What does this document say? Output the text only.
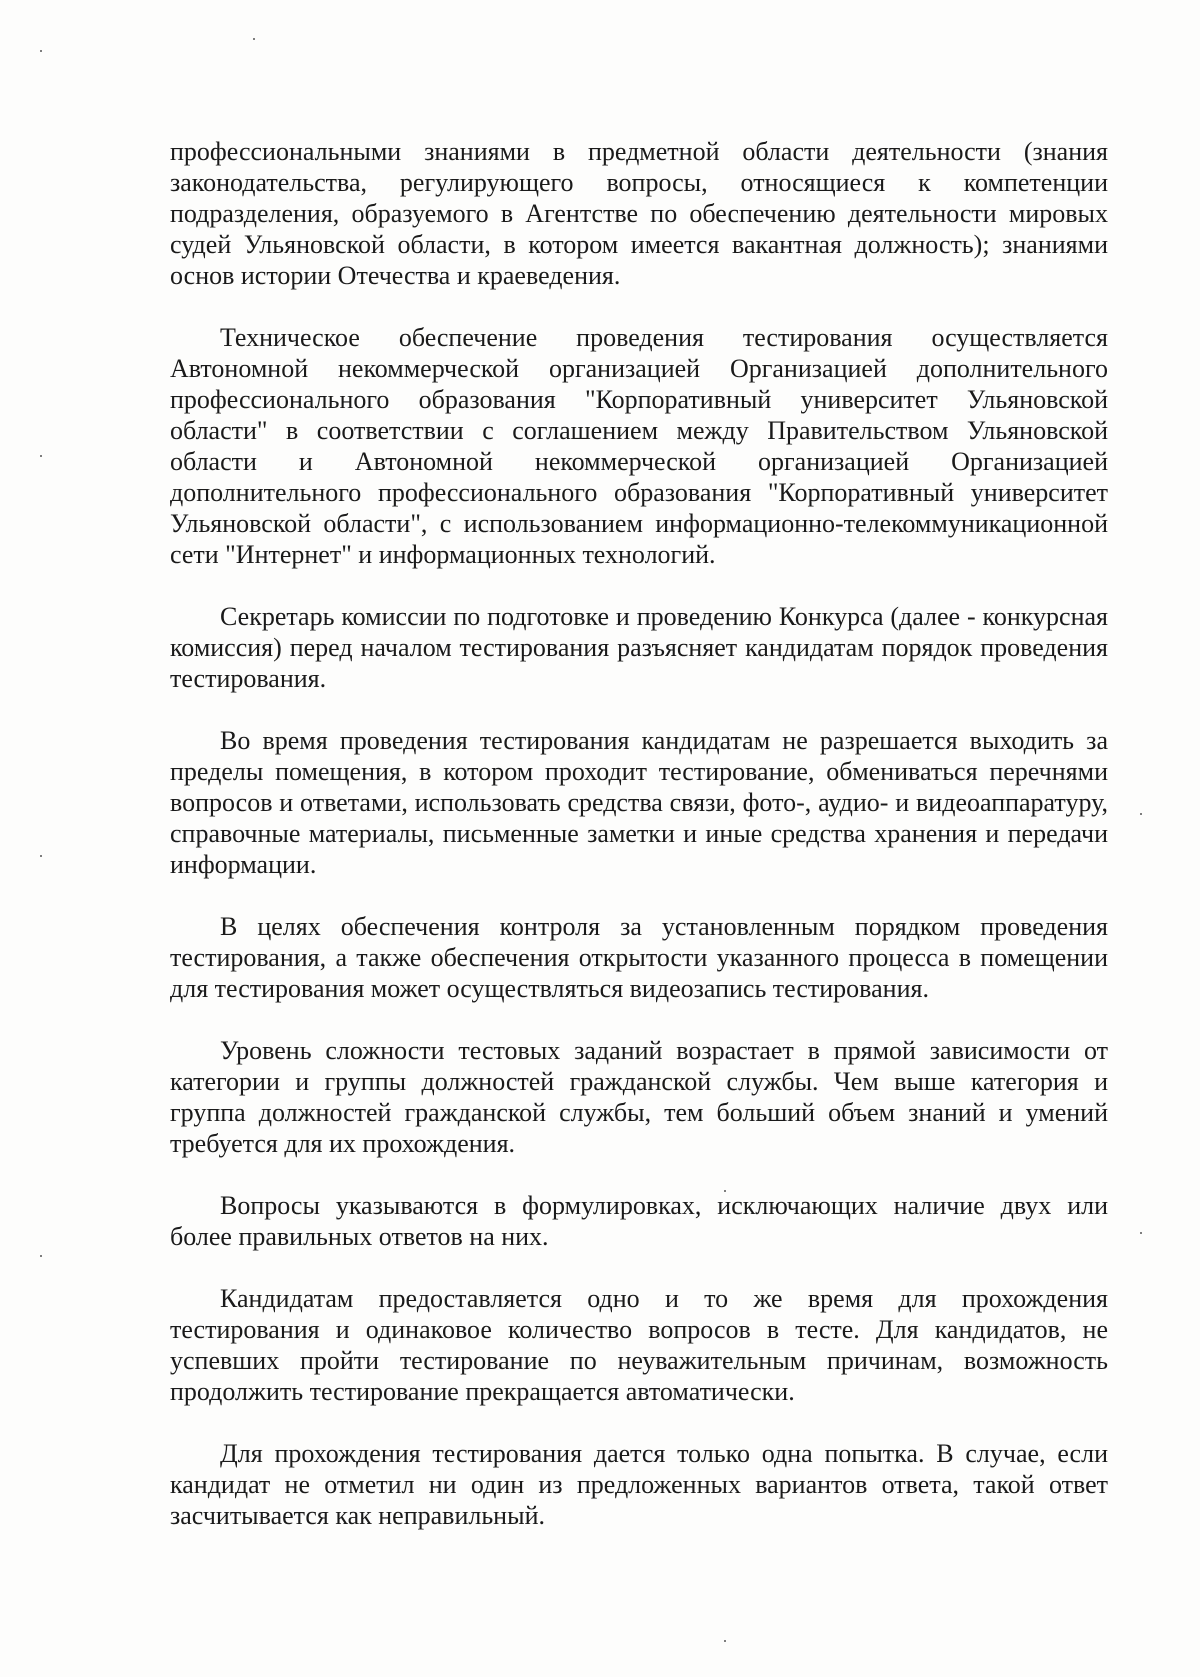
профессиональными знаниями в предметной области деятельности (знания законодательства, регулирующего вопросы, относящиеся к компетенции подразделения, образуемого в Агентстве по обеспечению деятельности мировых судей Ульяновской области, в котором имеется вакантная должность); знаниями основ истории Отечества и краеведения.

Техническое обеспечение проведения тестирования осуществляется Автономной некоммерческой организацией Организацией дополнительного профессионального образования "Корпоративный университет Ульяновской области" в соответствии с соглашением между Правительством Ульяновской области и Автономной некоммерческой организацией Организацией дополнительного профессионального образования "Корпоративный университет Ульяновской области", с использованием информационно-телекоммуникационной сети "Интернет" и информационных технологий.

Секретарь комиссии по подготовке и проведению Конкурса (далее - конкурсная комиссия) перед началом тестирования разъясняет кандидатам порядок проведения тестирования.

Во время проведения тестирования кандидатам не разрешается выходить за пределы помещения, в котором проходит тестирование, обмениваться перечнями вопросов и ответами, использовать средства связи, фото-, аудио- и видеоаппаратуру, справочные материалы, письменные заметки и иные средства хранения и передачи информации.

В целях обеспечения контроля за установленным порядком проведения тестирования, а также обеспечения открытости указанного процесса в помещении для тестирования может осуществляться видеозапись тестирования.

Уровень сложности тестовых заданий возрастает в прямой зависимости от категории и группы должностей гражданской службы. Чем выше категория и группа должностей гражданской службы, тем больший объем знаний и умений требуется для их прохождения.

Вопросы указываются в формулировках, исключающих наличие двух или более правильных ответов на них.

Кандидатам предоставляется одно и то же время для прохождения тестирования и одинаковое количество вопросов в тесте. Для кандидатов, не успевших пройти тестирование по неуважительным причинам, возможность продолжить тестирование прекращается автоматически.

Для прохождения тестирования дается только одна попытка. В случае, если кандидат не отметил ни один из предложенных вариантов ответа, такой ответ засчитывается как неправильный.
